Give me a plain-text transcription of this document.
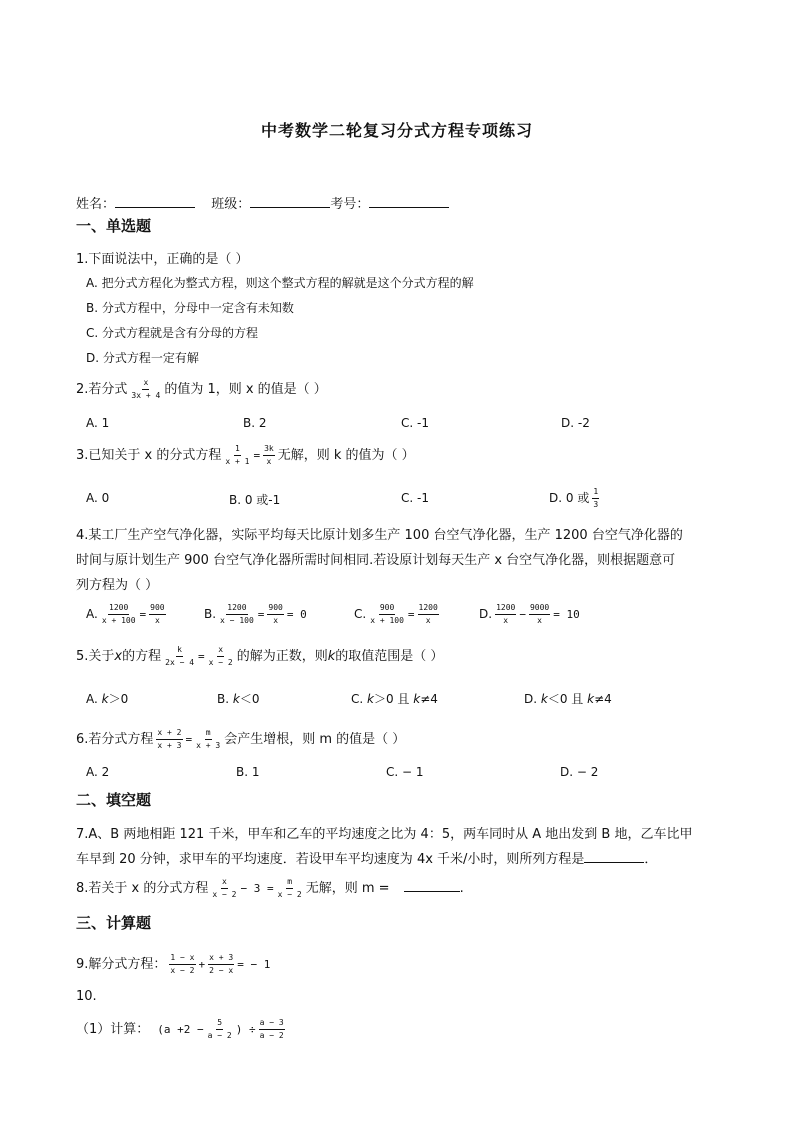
中考数学二轮复习分式方程专项练习
姓名：	班级：	考号：
一、单选题
1.下面说法中，正确的是（ ）
A. 把分式方程化为整式方程，则这个整式方程的解就是这个分式方程的解
B. 分式方程中，分母中一定含有未知数
C. 分式方程就是含有分母的方程
D. 分式方程一定有解
2.若分式 $\frac{x}{3x + 4}$ 的值为 1，则 x 的值是（ ）
A. 1	B. 2	C. -1	D. -2
3.已知关于 x 的分式方程 $\frac{1}{x + 1} = \frac{3k}{x}$ 无解，则 k 的值为（ ）
A. 0	B. 0 或-1	C. -1	D. 0 或 $\frac{1}{3}$
4.某工厂生产空气净化器，实际平均每天比原计划多生产 100 台空气净化器，生产 1200 台空气净化器的
时间与原计划生产 900 台空气净化器所需时间相同.若设原计划每天生产 x 台空气净化器，则根据题意可
列方程为（ ）
A. $\frac{1200}{x + 100} = \frac{900}{x}$	B. $\frac{1200}{x - 100} = \frac{900}{x} = 0$	C. $\frac{900}{x + 100} = \frac{1200}{x}$	D. $\frac{1200}{x} - \frac{9000}{x} = 10$
5.关于x的方程 $\frac{k}{2x - 4} = \frac{x}{x - 2}$ 的解为正数，则k的取值范围是（ ）
A. k＞0	B. k＜0	C. k＞0 且 k≠4	D. k＜0 且 k≠4
6.若分式方程 $\frac{x + 2}{x + 3} = \frac{m}{x + 3}$ 会产生增根，则 m 的值是（ ）
A. 2	B. 1	C. − 1	D. − 2
二、填空题
7.A、B 两地相距 121 千米，甲车和乙车的平均速度之比为 4：5，两车同时从 A 地出发到 B 地，乙车比甲
车早到 20 分钟，求甲车的平均速度．若设甲车平均速度为 4x 千米/小时，则所列方程是	．
8.若关于 x 的分式方程 $\frac{x}{x - 2} - 3 = \frac{m}{x - 2}$ 无解，则 m =	.
三、计算题
9.解分式方程： $\frac{1 - x}{x - 2} + \frac{x + 3}{2 - x}$ = − 1
10.
（1）计算： ($a +2 - \frac{5}{a - 2}$ ) ÷ $\frac{a - 3}{a - 2}$
